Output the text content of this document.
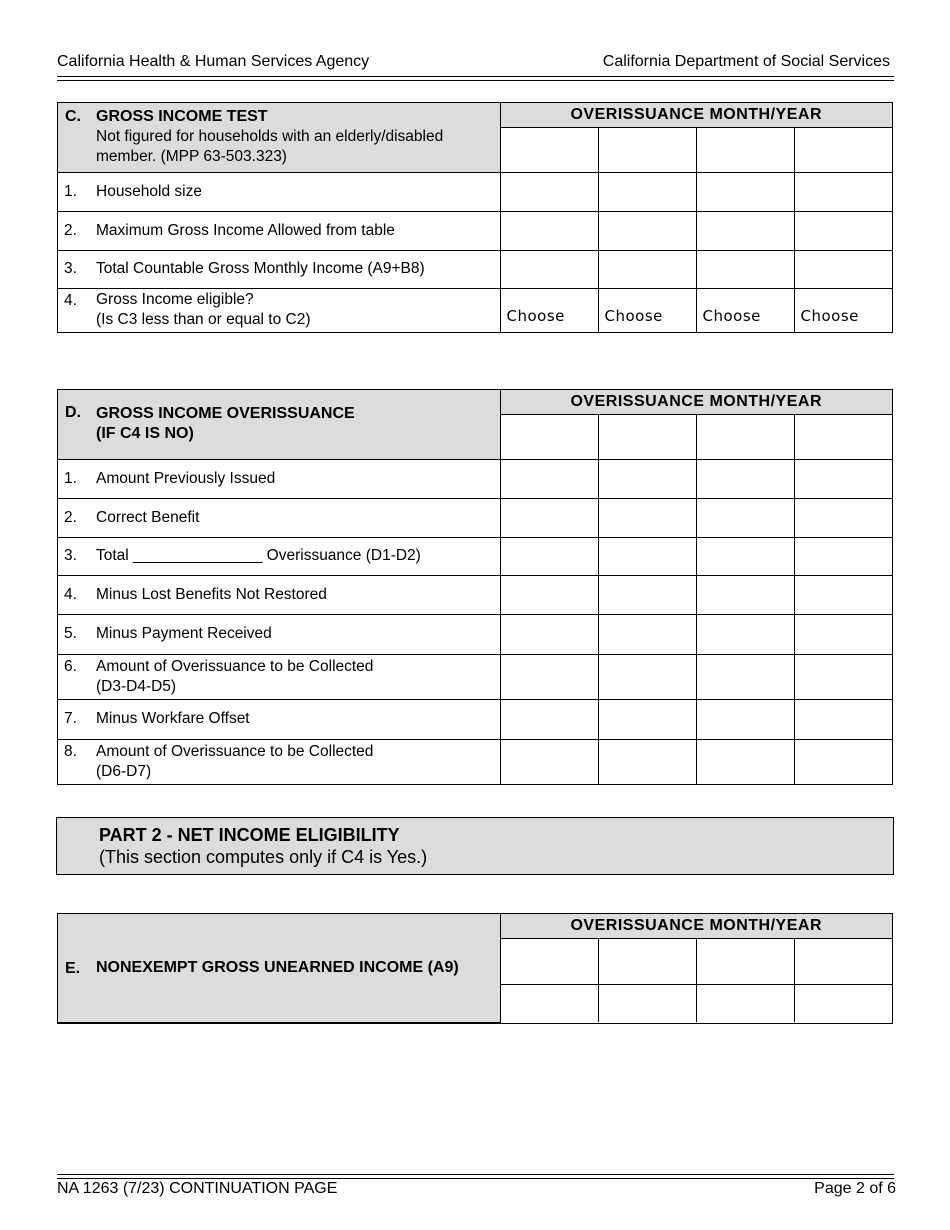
California Health & Human Services Agency	California Department of Social Services
C. GROSS INCOME TEST
Not figured for households with an elderly/disabled member. (MPP 63-503.323)	OVERISSUANCE MONTH/YEAR			

1. Household size				

2. Maximum Gross Income Allowed from table				

3. Total Countable Gross Monthly Income (A9+B8)				

4. Gross Income eligible?
(Is C3 less than or equal to C2)	Choose	Choose	Choose	Choose
D. GROSS INCOME OVERISSUANCE
(IF C4 IS NO)	OVERISSUANCE MONTH/YEAR			

1. Amount Previously Issued				

2. Correct Benefit				

3. Total _______________ Overissuance (D1-D2)				

4. Minus Lost Benefits Not Restored				

5. Minus Payment Received				

6. Amount of Overissuance to be Collected
(D3-D4-D5)				

7. Minus Workfare Offset				

8. Amount of Overissuance to be Collected
(D6-D7)				

PART 2 - NET INCOME ELIGIBILITY
(This section computes only if C4 is Yes.)
E. NONEXEMPT GROSS UNEARNED INCOME (A9)	OVERISSUANCE MONTH/YEAR			

NA 1263 (7/23) CONTINUATION PAGE	Page 2 of 6
